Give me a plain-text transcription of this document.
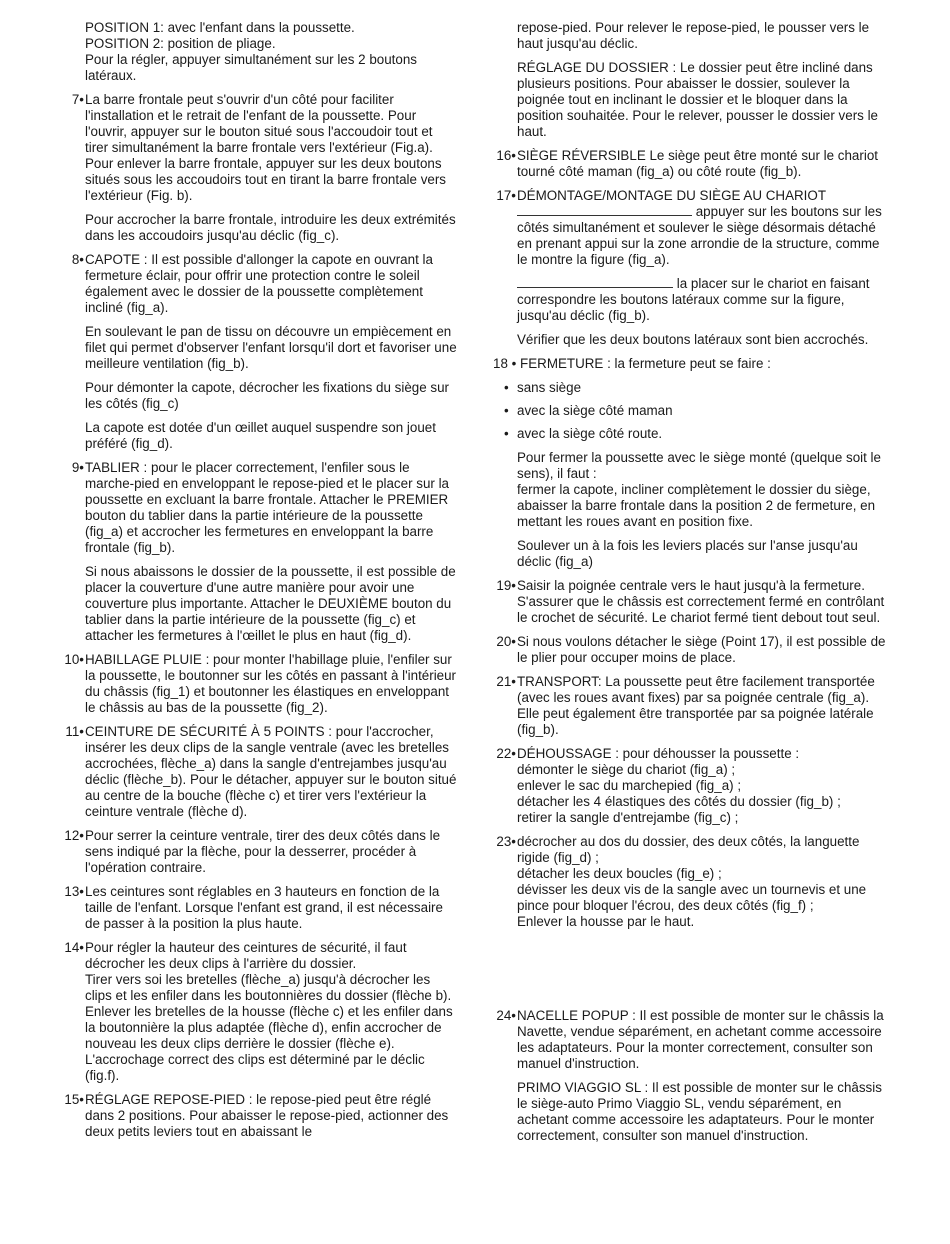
POSITION 1: avec l'enfant dans la poussette.
POSITION 2: position de pliage.
Pour la régler, appuyer simultanément sur les 2 boutons latéraux.
7• La barre frontale peut s'ouvrir d'un côté pour faciliter l'installation et le retrait de l'enfant de la poussette. Pour l'ouvrir, appuyer sur le bouton situé sous l'accoudoir tout et tirer simultanément la barre frontale vers l'extérieur (Fig.a). Pour enlever la barre frontale, appuyer sur les deux boutons situés sous les accoudoirs tout en tirant la barre frontale vers l'extérieur (Fig. b).

Pour accrocher la barre frontale, introduire les deux extrémités dans les accoudoirs jusqu'au déclic (fig_c).

8• CAPOTE : Il est possible d'allonger la capote en ouvrant la fermeture éclair, pour offrir une protection contre le soleil également avec le dossier de la poussette complètement incliné (fig_a).

En soulevant le pan de tissu on découvre un empiècement en filet qui permet d'observer l'enfant lorsqu'il dort et favoriser une meilleure ventilation (fig_b).

Pour démonter la capote, décrocher les fixations du siège sur les côtés (fig_c)

La capote est dotée d'un œillet auquel suspendre son jouet préféré (fig_d).

9• TABLIER : pour le placer correctement, l'enfiler sous le marche-pied en enveloppant le repose-pied et le placer sur la poussette en excluant la barre frontale. Attacher le PREMIER bouton du tablier dans la partie intérieure de la poussette (fig_a) et accrocher les fermetures en enveloppant la barre frontale (fig_b).

Si nous abaissons le dossier de la poussette, il est possible de placer la couverture d'une autre manière pour avoir une couverture plus importante. Attacher le DEUXIÈME bouton du tablier dans la partie intérieure de la poussette (fig_c) et attacher les fermetures à l'œillet le plus en haut (fig_d).

10• HABILLAGE PLUIE : pour monter l'habillage pluie, l'enfiler sur la poussette, le boutonner sur les côtés en passant à l'intérieur du châssis (fig_1) et boutonner les élastiques en enveloppant le châssis au bas de la poussette (fig_2).

11• CEINTURE DE SÉCURITÉ À 5 POINTS : pour l'accrocher, insérer les deux clips de la sangle ventrale (avec les bretelles accrochées, flèche_a) dans la sangle d'entrejambes jusqu'au déclic (flèche_b). Pour le détacher, appuyer sur le bouton situé au centre de la bouche (flèche c) et tirer vers l'extérieur la ceinture ventrale (flèche d).

12• Pour serrer la ceinture ventrale, tirer des deux côtés dans le sens indiqué par la flèche, pour la desserrer, procéder à l'opération contraire.

13• Les ceintures sont réglables en 3 hauteurs en fonction de la taille de l'enfant. Lorsque l'enfant est grand, il est nécessaire de passer à la position la plus haute.

14• Pour régler la hauteur des ceintures de sécurité, il faut décrocher les deux clips à l'arrière du dossier.

Tirer vers soi les bretelles (flèche_a) jusqu'à décrocher les clips et les enfiler dans les boutonnières du dossier (flèche b). Enlever les bretelles de la housse (flèche c) et les enfiler dans la boutonnière la plus adaptée (flèche d), enfin accrocher de nouveau les deux clips derrière le dossier (flèche e). L'accrochage correct des clips est déterminé par le déclic (fig.f).

15• RÉGLAGE REPOSE-PIED : le repose-pied peut être réglé dans 2 positions. Pour abaisser le repose-pied, actionner des deux petits leviers tout en abaissant le

repose-pied. Pour relever le repose-pied, le pousser vers le haut jusqu'au déclic.

RÉGLAGE DU DOSSIER : Le dossier peut être incliné dans plusieurs positions. Pour abaisser le dossier, soulever la poignée tout en inclinant le dossier et le bloquer dans la position souhaitée. Pour le relever, pousser le dossier vers le haut.

16• SIÈGE RÉVERSIBLE Le siège peut être monté sur le chariot tourné côté maman (fig_a) ou côté route (fig_b).

17• DÉMONTAGE/MONTAGE DU SIÈGE AU CHARIOT

appuyer sur les boutons sur les côtés simultanément et soulever le siège désormais détaché en prenant appui sur la zone arrondie de la structure, comme le montre la figure (fig_a).

la placer sur le chariot en faisant correspondre les boutons latéraux comme sur la figure, jusqu'au déclic (fig_b).

Vérifier que les deux boutons latéraux sont bien accrochés.

18 • FERMETURE : la fermeture peut se faire :
• sans siège
• avec la siège côté maman
• avec la siège côté route.
Pour fermer la poussette avec le siège monté (quelque soit le sens), il faut :

fermer la capote, incliner complètement le dossier du siège, abaisser la barre frontale dans la position 2 de fermeture, en mettant les roues avant en position fixe.

Soulever un à la fois les leviers placés sur l'anse jusqu'au déclic (fig_a)

19• Saisir la poignée centrale vers le haut jusqu'à la fermeture. S'assurer que le châssis est correctement fermé en contrôlant le crochet de sécurité. Le chariot fermé tient debout tout seul.
20• Si nous voulons détacher le siège (Point 17), il est possible de le plier pour occuper moins de place.
21• TRANSPORT: La poussette peut être facilement transportée (avec les roues avant fixes) par sa poignée centrale (fig_a). Elle peut également être transportée par sa poignée latérale (fig_b).
22• DÉHOUSSAGE : pour déhousser la poussette :
démonter le siège du chariot (fig_a) ;
enlever le sac du marchepied (fig_a) ;
détacher les 4 élastiques des côtés du dossier (fig_b) ;
retirer la sangle d'entrejambe (fig_c) ;
23• décrocher au dos du dossier, des deux côtés, la languette rigide (fig_d) ;
détacher les deux boucles (fig_e) ;
dévisser les deux vis de la sangle avec un tournevis et une pince pour bloquer l'écrou, des deux côtés (fig_f) ;
Enlever la housse par le haut.
24• NACELLE POPUP : Il est possible de monter sur le châssis la Navette, vendue séparément, en achetant comme accessoire les adaptateurs. Pour la monter correctement, consulter son manuel d'instruction.

PRIMO VIAGGIO SL : Il est possible de monter sur le châssis le siège-auto Primo Viaggio SL, vendu séparément, en achetant comme accessoire les adaptateurs. Pour le monter correctement, consulter son manuel d'instruction.
